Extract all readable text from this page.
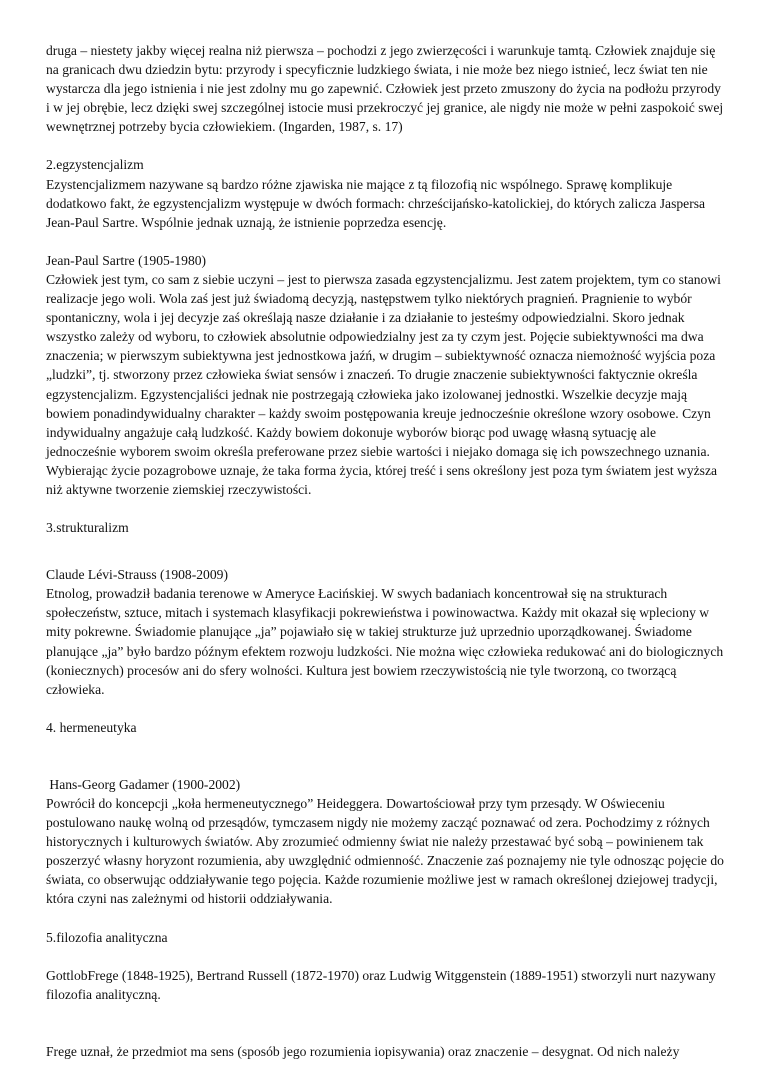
druga – niestety jakby więcej realna niż pierwsza – pochodzi z jego zwierzęcości i warunkuje tamtą. Człowiek znajduje się na granicach dwu dziedzin bytu: przyrody i specyficznie ludzkiego świata, i nie może bez niego istnieć, lecz świat ten nie wystarcza dla jego istnienia i nie jest zdolny mu go zapewnić. Człowiek jest przeto zmuszony do życia na podłożu przyrody i w jej obrębie, lecz dzięki swej szczególnej istocie musi przekroczyć jej granice, ale nigdy nie może w pełni zaspokoić swej wewnętrznej potrzeby bycia człowiekiem. (Ingarden, 1987, s. 17)

2.egzystencjalizm

Ezystencjalizmem nazywane są bardzo różne zjawiska nie mające z tą filozofią nic wspólnego. Sprawę komplikuje dodatkowo fakt, że egzystencjalizm występuje w dwóch formach: chrześcijańsko-katolickiej, do których zalicza Jaspersa Jean-Paul Sartre. Wspólnie jednak uznają, że istnienie poprzedza esencję.

Jean-Paul Sartre (1905-1980)

Człowiek jest tym, co sam z siebie uczyni – jest to pierwsza zasada egzystencjalizmu. Jest zatem projektem, tym co stanowi realizacje jego woli. Wola zaś jest już świadomą decyzją, następstwem tylko niektórych pragnień. Pragnienie to wybór spontaniczny, wola i jej decyzje zaś określają nasze działanie i za działanie to jesteśmy odpowiedzialni. Skoro jednak wszystko zależy od wyboru, to człowiek absolutnie odpowiedzialny jest za ty czym jest. Pojęcie subiektywności ma dwa znaczenia; w pierwszym subiektywna jest jednostkowa jaźń, w drugim – subiektywność oznacza niemożność wyjścia poza „ludzki”, tj. stworzony przez człowieka świat sensów i znaczeń. To drugie znaczenie subiektywności faktycznie określa egzystencjalizm. Egzystencjaliści jednak nie postrzegają człowieka jako izolowanej jednostki. Wszelkie decyzje mają bowiem ponadindywidualny charakter – każdy swoim postępowania kreuje jednocześnie określone wzory osobowe. Czyn indywidualny angażuje całą ludzkość. Każdy bowiem dokonuje wyborów biorąc pod uwagę własną sytuację ale jednocześnie wyborem swoim określa preferowane przez siebie wartości i niejako domaga się ich powszechnego uznania. Wybierając życie pozagrobowe uznaje, że taka forma życia, której treść i sens określony jest poza tym światem jest wyższa niż aktywne tworzenie ziemskiej rzeczywistości.

3.strukturalizm

Claude Lévi-Strauss (1908-2009)

Etnolog, prowadził badania terenowe w Ameryce Łacińskiej. W swych badaniach koncentrował się na strukturach społeczeństw, sztuce, mitach i systemach klasyfikacji pokrewieństwa i powinowactwa. Każdy mit okazał się wpleciony w mity pokrewne. Świadomie planujące „ja” pojawiało się w takiej strukturze już uprzednio uporządkowanej. Świadome planujące „ja” było bardzo późnym efektem rozwoju ludzkości. Nie można więc człowieka redukować ani do biologicznych (koniecznych) procesów ani do sfery wolności. Kultura jest bowiem rzeczywistością nie tyle tworzoną, co tworzącą człowieka.

4. hermeneutyka

Hans-Georg Gadamer (1900-2002)

Powrócił do koncepcji „koła hermeneutycznego” Heideggera. Dowartościował przy tym przesądy. W Oświeceniu postulowano naukę wolną od przesądów, tymczasem nigdy nie możemy zacząć poznawać od zera. Pochodzimy z różnych historycznych i kulturowych światów. Aby zrozumieć odmienny świat nie należy przestawać być sobą – powinienem tak poszerzyć własny horyzont rozumienia, aby uwzględnić odmienność. Znaczenie zaś poznajemy nie tyle odnosząc pojęcie do świata, co obserwując oddziaływanie tego pojęcia. Każde rozumienie możliwe jest w ramach określonej dziejowej tradycji, która czyni nas zależnymi od historii oddziaływania.

5.filozofia analityczna

GottlobFrege (1848-1925), Bertrand Russell (1872-1970) oraz Ludwig Witggenstein (1889-1951) stworzyli nurt nazywany filozofia analityczną.

Frege uznał, że przedmiot ma sens (sposób jego rozumienia iopisywania) oraz znaczenie – desygnat. Od nich należy
